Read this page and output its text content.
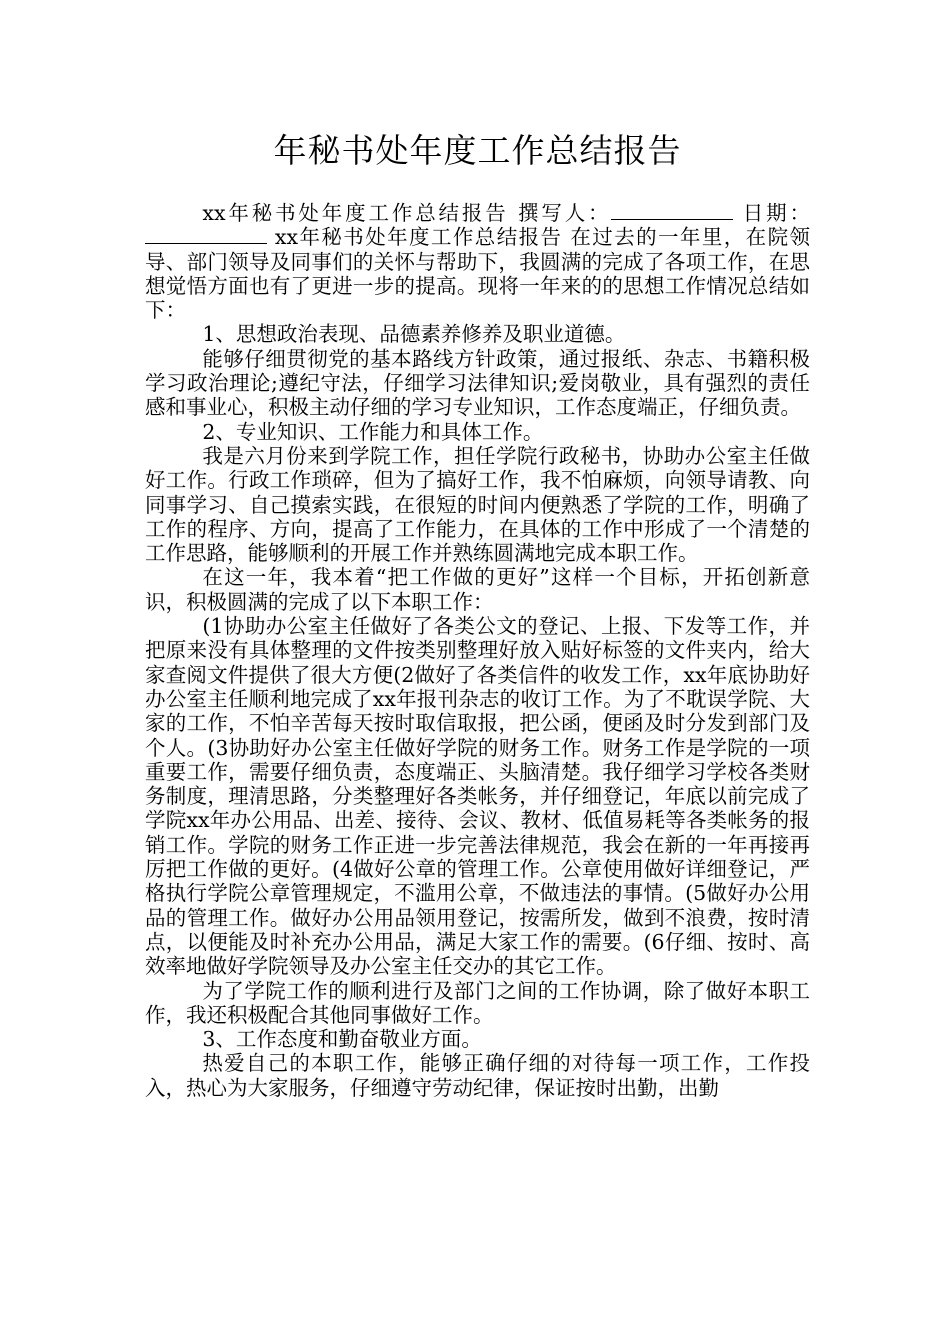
年秘书处年度工作总结报告

xx年秘书处年度工作总结报告 撰写人：	日期： xx年秘书处年度工作总结报告 在过去的一年里，在院领导、部门领导及同事们的关怀与帮助下，我圆满的完成了各项工作，在思想觉悟方面也有了更进一步的提高。现将一年来的的思想工作情况总结如下：

1、思想政治表现、品德素养修养及职业道德。

能够仔细贯彻党的基本路线方针政策，通过报纸、杂志、书籍积极学习政治理论;遵纪守法，仔细学习法律知识;爱岗敬业，具有强烈的责任感和事业心，积极主动仔细的学习专业知识，工作态度端正，仔细负责。

2、专业知识、工作能力和具体工作。

我是六月份来到学院工作，担任学院行政秘书，协助办公室主任做好工作。行政工作琐碎，但为了搞好工作，我不怕麻烦，向领导请教、向同事学习、自己摸索实践，在很短的时间内便熟悉了学院的工作，明确了工作的程序、方向，提高了工作能力，在具体的工作中形成了一个清楚的工作思路，能够顺利的开展工作并熟练圆满地完成本职工作。

在这一年，我本着“把工作做的更好”这样一个目标，开拓创新意识，积极圆满的完成了以下本职工作：

(1协助办公室主任做好了各类公文的登记、上报、下发等工作，并把原来没有具体整理的文件按类别整理好放入贴好标签的文件夹内，给大家查阅文件提供了很大方便(2做好了各类信件的收发工作，xx年底协助好办公室主任顺利地完成了xx年报刊杂志的收订工作。为了不耽误学院、大家的工作，不怕辛苦每天按时取信取报，把公函，便函及时分发到部门及个人。(3协助好办公室主任做好学院的财务工作。财务工作是学院的一项重要工作，需要仔细负责，态度端正、头脑清楚。我仔细学习学校各类财务制度，理清思路，分类整理好各类帐务，并仔细登记，年底以前完成了学院xx年办公用品、出差、接待、会议、教材、低值易耗等各类帐务的报销工作。学院的财务工作正进一步完善法律规范，我会在新的一年再接再厉把工作做的更好。(4做好公章的管理工作。公章使用做好详细登记，严格执行学院公章管理规定，不滥用公章，不做违法的事情。(5做好办公用品的管理工作。做好办公用品领用登记，按需所发，做到不浪费，按时清点，以便能及时补充办公用品，满足大家工作的需要。(6仔细、按时、高效率地做好学院领导及办公室主任交办的其它工作。

为了学院工作的顺利进行及部门之间的工作协调，除了做好本职工作，我还积极配合其他同事做好工作。

3、工作态度和勤奋敬业方面。

热爱自己的本职工作，能够正确仔细的对待每一项工作，工作投入，热心为大家服务，仔细遵守劳动纪律，保证按时出勤，出勤
